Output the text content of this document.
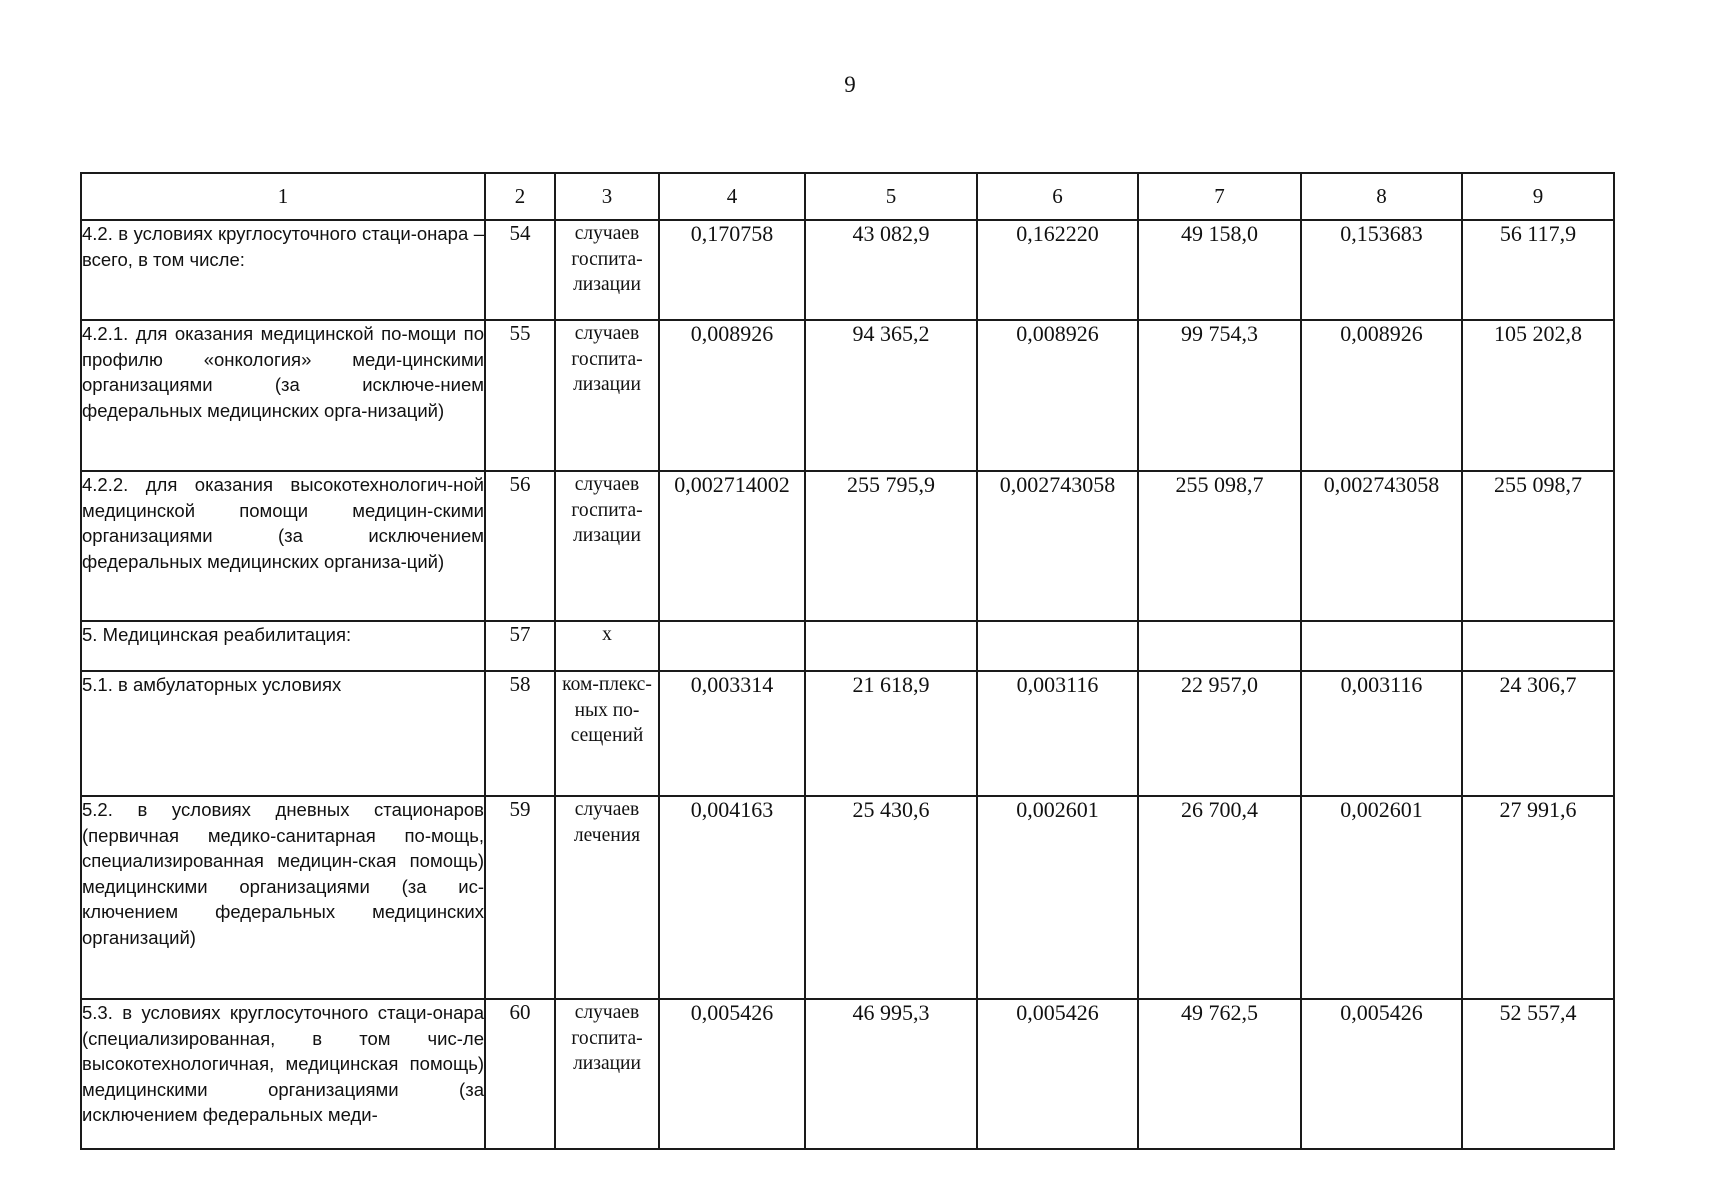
9
1	2	3	4	5	6	7	8	9
4.2. в условиях круглосуточного стаци-онара – всего, в том числе:	54	случаев госпита-лизации	0,170758	43 082,9	0,162220	49 158,0	0,153683	56 117,9
4.2.1. для оказания медицинской по-мощи по профилю «онкология» меди-цинскими организациями (за исключе-нием федеральных медицинских орга-низаций)	55	случаев госпита-лизации	0,008926	94 365,2	0,008926	99 754,3	0,008926	105 202,8
4.2.2. для оказания высокотехнологич-ной медицинской помощи медицин-скими организациями (за исключением федеральных медицинских организа-ций)	56	случаев госпита-лизации	0,002714002	255 795,9	0,002743058	255 098,7	0,002743058	255 098,7
5. Медицинская реабилитация:	57	х						
5.1. в амбулаторных условиях	58	ком-плекс-ных по-сещений	0,003314	21 618,9	0,003116	22 957,0	0,003116	24 306,7
5.2. в условиях дневных стационаров (первичная медико-санитарная по-мощь, специализированная медицин-ская помощь) медицинскими организациями (за ис-ключением федеральных медицинских организаций)	59	случаев лечения	0,004163	25 430,6	0,002601	26 700,4	0,002601	27 991,6
5.3. в условиях круглосуточного стаци-онара (специализированная, в том чис-ле высокотехнологичная, медицинская помощь) медицинскими организациями (за исключением федеральных меди-	60	случаев госпита-лизации	0,005426	46 995,3	0,005426	49 762,5	0,005426	52 557,4
